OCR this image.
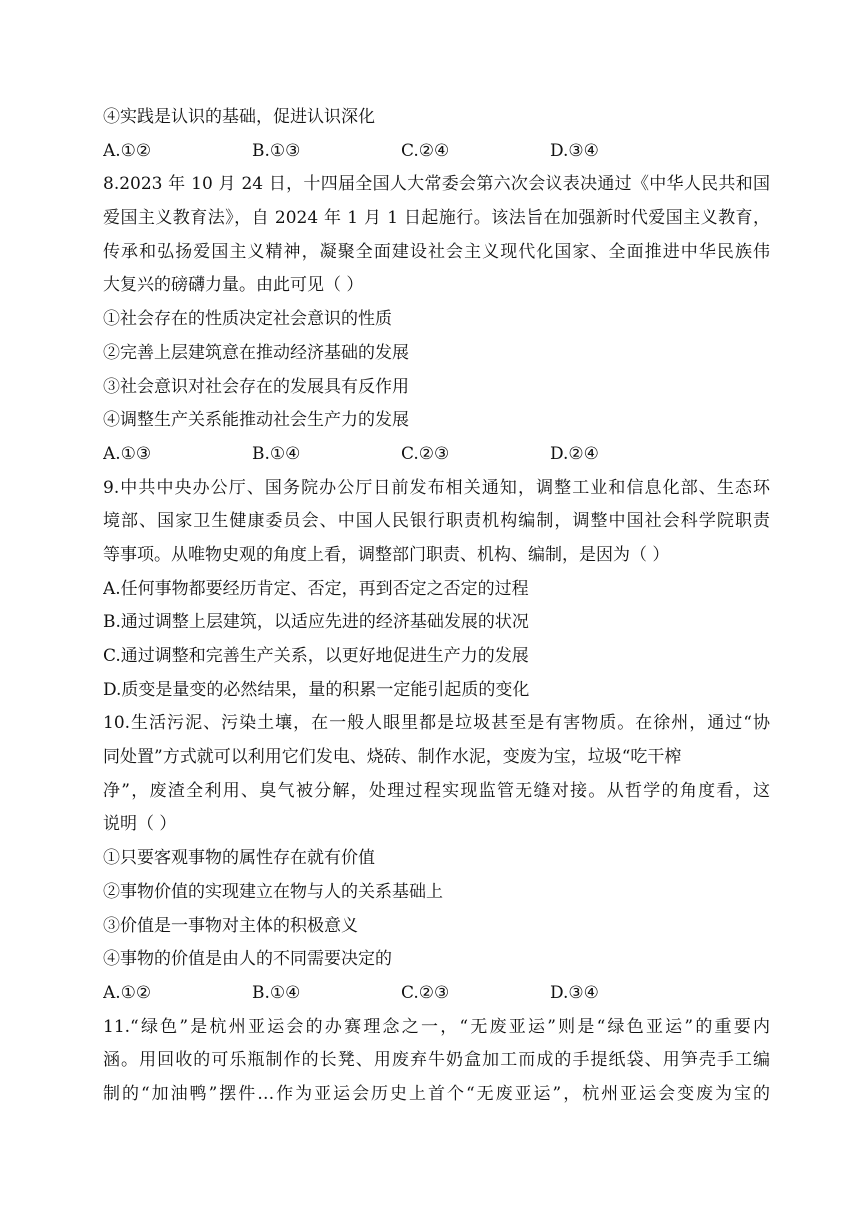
④实践是认识的基础，促进认识深化
A.①②	B.①③	C.②④	D.③④
8.2023 年 10 月 24 日，十四届全国人大常委会第六次会议表决通过《中华人民共和国
爱国主义教育法》，自 2024 年 1 月 1 日起施行。该法旨在加强新时代爱国主义教育，
传承和弘扬爱国主义精神，凝聚全面建设社会主义现代化国家、全面推进中华民族伟
大复兴的磅礴力量。由此可见（ ）
①社会存在的性质决定社会意识的性质
②完善上层建筑意在推动经济基础的发展
③社会意识对社会存在的发展具有反作用
④调整生产关系能推动社会生产力的发展
A.①③	B.①④	C.②③	D.②④
9.中共中央办公厅、国务院办公厅日前发布相关通知，调整工业和信息化部、生态环
境部、国家卫生健康委员会、中国人民银行职责机构编制，调整中国社会科学院职责
等事项。从唯物史观的角度上看，调整部门职责、机构、编制，是因为（ ）
A.任何事物都要经历肯定、否定，再到否定之否定的过程
B.通过调整上层建筑，以适应先进的经济基础发展的状况
C.通过调整和完善生产关系，以更好地促进生产力的发展
D.质变是量变的必然结果，量的积累一定能引起质的变化
10.生活污泥、污染土壤，在一般人眼里都是垃圾甚至是有害物质。在徐州，通过“协
同处置”方式就可以利用它们发电、烧砖、制作水泥，变废为宝，垃圾“吃干榨
净”，废渣全利用、臭气被分解，处理过程实现监管无缝对接。从哲学的角度看，这
说明（ ）
①只要客观事物的属性存在就有价值
②事物价值的实现建立在物与人的关系基础上
③价值是一事物对主体的积极意义
④事物的价值是由人的不同需要决定的
A.①②	B.①④	C.②③	D.③④
11.“绿色”是杭州亚运会的办赛理念之一，“无废亚运”则是“绿色亚运”的重要内
涵。用回收的可乐瓶制作的长凳、用废弃牛奶盒加工而成的手提纸袋、用笋壳手工编
制的“加油鸭”摆件…作为亚运会历史上首个“无废亚运”，杭州亚运会变废为宝的
